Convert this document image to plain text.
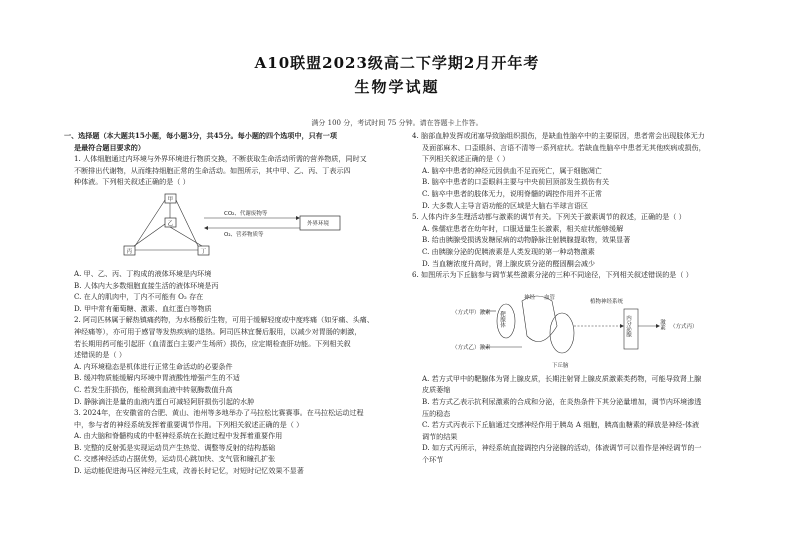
A10联盟2023级高二下学期2月开年考
生物学试题
满分 100 分，考试时间 75 分钟。请在答题卡上作答。

一、选择题（本大题共15小题，每小题3分，共45分。每小题的四个选项中，只有一项

是最符合题目要求的）

1. 人体细胞通过内环境与外界环境进行物质交换，不断获取生命活动所需的营养物质，同时又

不断排出代谢物，从而维持细胞正常的生命活动。如图所示，其中甲、乙、丙、丁表示四

种体液。下列相关叙述正确的是（ ）

甲
丙	丁
乙
CO₂、代谢废物等
O₂、营养物质等
外界环境

A. 甲、乙、丙、丁构成的液体环境是内环境

B. 人体内大多数细胞直接生活的液体环境是丙

C. 在人的肌肉中，丁内不可能有 O₂ 存在

D. 甲中常有葡萄糖、激素、血红蛋白等物质

2. 阿司匹林属于解热镇痛药物，为水杨酸衍生物，可用于缓解轻度或中度疼痛（如牙痛、头痛、

神经痛等），亦可用于感冒等发热疾病的退热。阿司匹林宜餐后服用，以减少对胃肠的刺激，

若长期用药可能引起肝（血清蛋白主要产生场所）损伤，应定期检查肝功能。下列相关叙

述错误的是（ ）

A. 内环境稳态是机体进行正常生命活动的必要条件

B. 缓冲物质能缓解内环境中胃液酸性增强产生的不适

C. 若发生肝损伤，能检测到血液中转氨酶数值升高

D. 静脉滴注是量的血液内蛋白可减轻阿肝损伤引起的水肿

3. 2024年，在安徽省的合肥、黄山、池州等多地举办了马拉松比赛赛事。在马拉松运动过程

中，参与者的神经系统发挥着重要调节作用。下列相关叙述正确的是（ ）

A. 由大脑和脊髓构成的中枢神经系统在长跑过程中发挥着重要作用

B. 完整的反射弧是实现运动员产生热觉、调整等反射的结构基础

C. 交感神经活动占据优势，运动员心跳加快、支气管和瞳孔扩张

D. 运动能促进海马区神经元生成，改善长时记忆，对短时记忆效果不显著

4. 脑部血肿发挥或闭塞导致脑组织损伤，是缺血性脑卒中的主要原因，患者常会出现肢体无力

及面部麻木、口歪眼斜、言语不清等一系列症状。若缺血性脑卒中患者无其他疾病或损伤，

下列相关叙述正确的是（ ）

A. 脑卒中患者的神经元因供血不足而死亡，属于细胞凋亡

B. 脑卒中患者的口歪眼斜主要与中央前回顶部发生损伤有关

C. 脑卒中患者的肢体无力，说明脊髓的调控作用并不正常

D. 大多数人主导言语功能的区域是大脑右半球言语区

5. 人体内许多生理活动都与激素的调节有关。下列关于激素调节的叙述，正确的是（ ）

A. 侏儒症患者在幼年时，口服适量生长激素，相关症状能够缓解

B. 给由胰腺受损诱发糖尿病的动物静脉注射胰腺提取物，效果显著

C. 由胰腺分泌的促胰液素是人类发现的第一种动物激素

D. 当血糖浓度升高时，肾上腺皮质分泌的醛固酮会减少

6. 如图所示为下丘脑参与调节某些激素分泌的三种不同途径，下列相关叙述错误的是（ ）

（方式甲）激素
（方式乙）激素
靶腺体
神经 血管
植物神经系统
内分泌腺	激素 （方式丙）
下丘脑

A. 若方式甲中的靶腺体为肾上腺皮质，长期注射肾上腺皮质激素类药物，可能导致肾上腺

皮质萎缩

B. 若方式乙表示抗利尿激素的合成和分泌，在炎热条件下其分泌量增加，调节内环境渗透

压的稳态

C. 若方式丙表示下丘脑通过交感神经作用于胰岛 A 细胞，胰高血糖素的释放是神经-体液

调节的结果

D. 如方式丙所示，神经系统直接调控内分泌腺的活动，体液调节可以看作是神经调节的一

个环节
